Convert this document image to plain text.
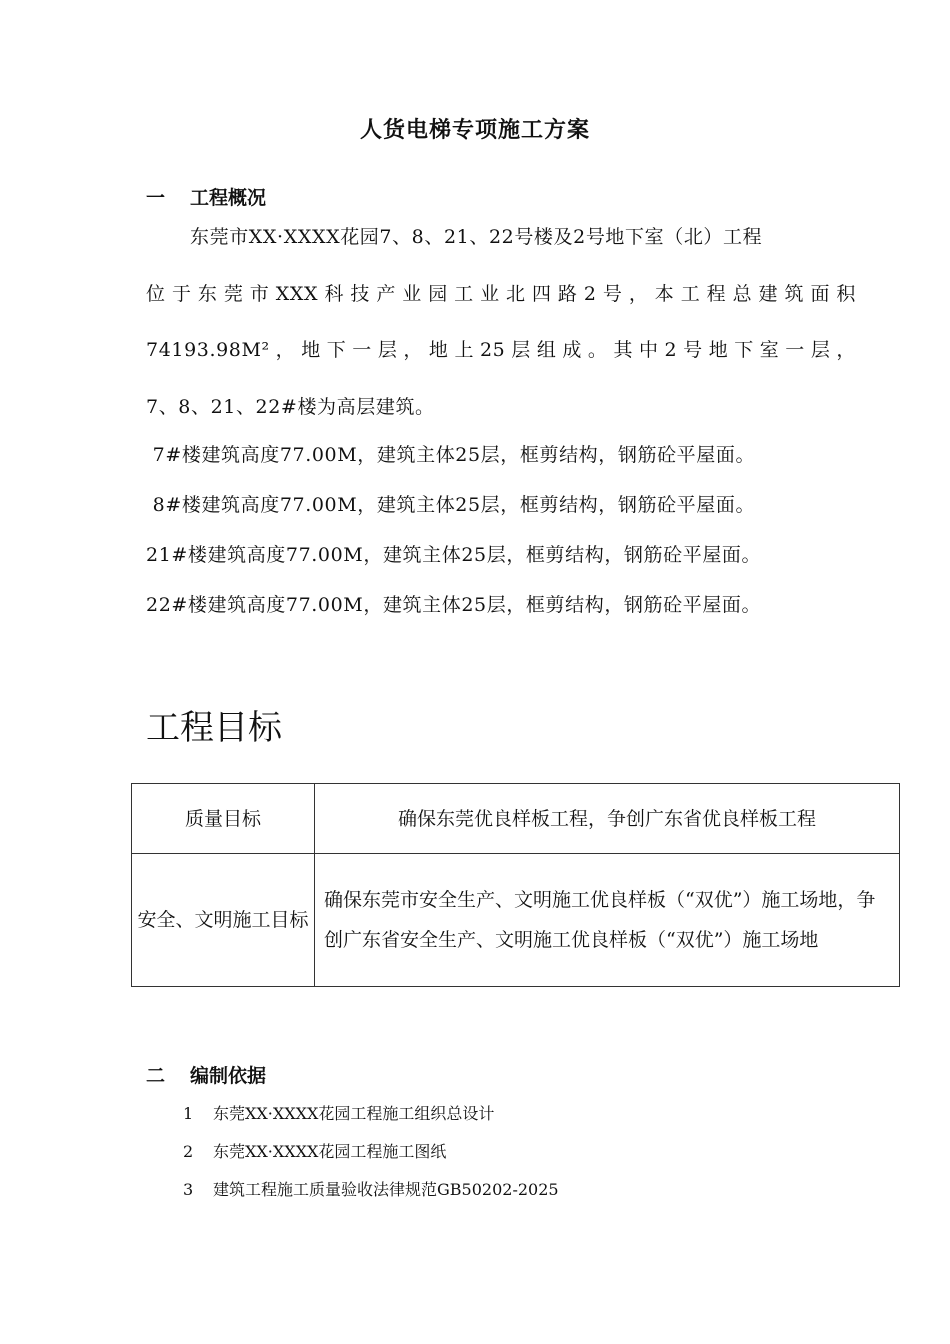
人货电梯专项施工方案
一 工程概况
东莞市XX·XXXX花园7、8、21、22号楼及2号地下室（北）工程
位于东莞市XXX科技产业园工业北四路2号，本工程总建筑面积
74193.98M²，地下一层，地上25层组成。其中2号地下室一层，
7、8、21、22#楼为高层建筑。
7#楼建筑高度77.00M，建筑主体25层，框剪结构，钢筋砼平屋面。
8#楼建筑高度77.00M，建筑主体25层，框剪结构，钢筋砼平屋面。
21#楼建筑高度77.00M，建筑主体25层，框剪结构，钢筋砼平屋面。
22#楼建筑高度77.00M，建筑主体25层，框剪结构，钢筋砼平屋面。
工程目标
质量目标	确保东莞优良样板工程，争创广东省优良样板工程
安全、文明施工目标	确保东莞市安全生产、文明施工优良样板（“双优”）施工场地，争创广东省安全生产、文明施工优良样板（“双优”）施工场地
二 编制依据
1 东莞XX·XXXX花园工程施工组织总设计
2 东莞XX·XXXX花园工程施工图纸
3 建筑工程施工质量验收法律规范GB50202-2025
